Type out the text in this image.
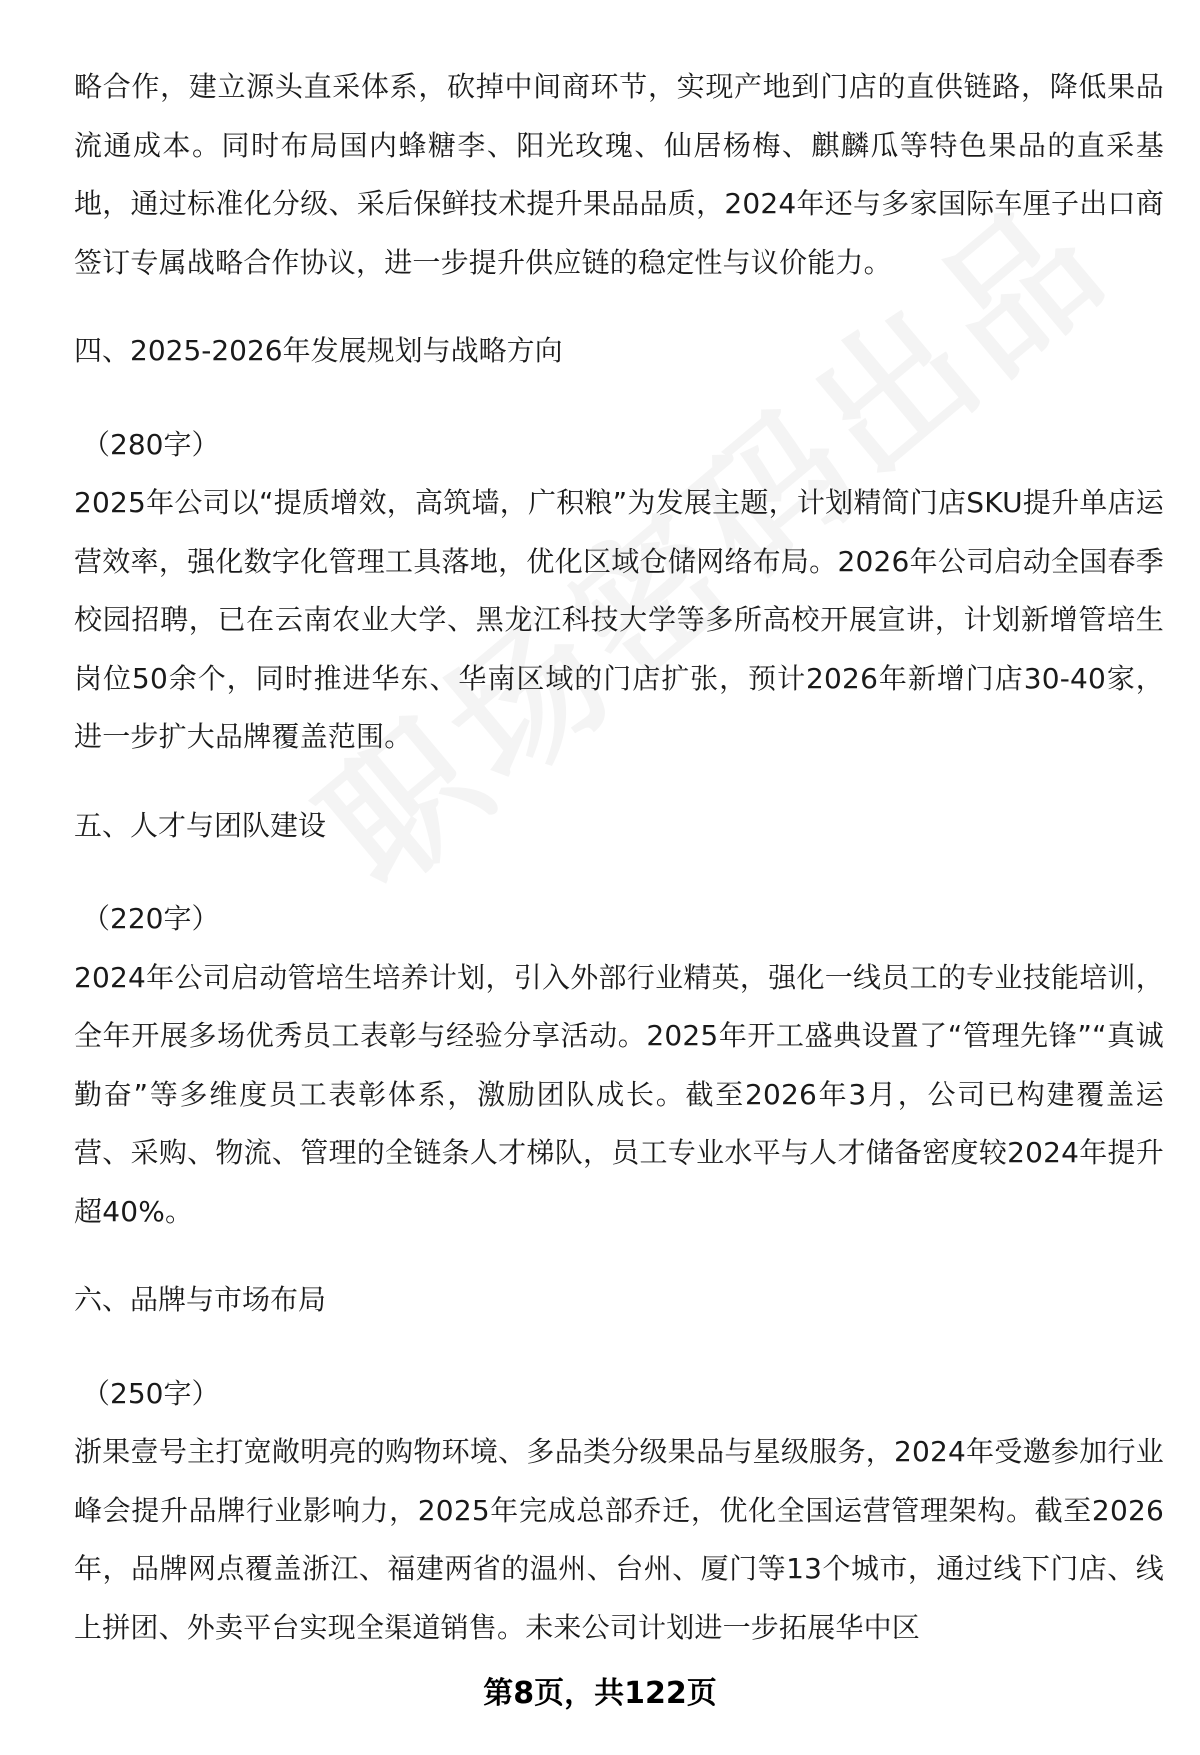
略合作，建立源头直采体系，砍掉中间商环节，实现产地到门店的直供链路，降低果品流通成本。同时布局国内蜂糖李、阳光玫瑰、仙居杨梅、麒麟瓜等特色果品的直采基地，通过标准化分级、采后保鲜技术提升果品品质，2024年还与多家国际车厘子出口商签订专属战略合作协议，进一步提升供应链的稳定性与议价能力。

四、2025-2026年发展规划与战略方向

（280字）

2025年公司以“提质增效，高筑墙，广积粮”为发展主题，计划精简门店SKU提升单店运营效率，强化数字化管理工具落地，优化区域仓储网络布局。2026年公司启动全国春季校园招聘，已在云南农业大学、黑龙江科技大学等多所高校开展宣讲，计划新增管培生岗位50余个，同时推进华东、华南区域的门店扩张，预计2026年新增门店30-40家，进一步扩大品牌覆盖范围。

五、人才与团队建设

（220字）

2024年公司启动管培生培养计划，引入外部行业精英，强化一线员工的专业技能培训，全年开展多场优秀员工表彰与经验分享活动。2025年开工盛典设置了“管理先锋”“真诚勤奋”等多维度员工表彰体系，激励团队成长。截至2026年3月，公司已构建覆盖运营、采购、物流、管理的全链条人才梯队，员工专业水平与人才储备密度较2024年提升超40%。

六、品牌与市场布局

（250字）

浙果壹号主打宽敞明亮的购物环境、多品类分级果品与星级服务，2024年受邀参加行业峰会提升品牌行业影响力，2025年完成总部乔迁，优化全国运营管理架构。截至2026年，品牌网点覆盖浙江、福建两省的温州、台州、厦门等13个城市，通过线下门店、线上拼团、外卖平台实现全渠道销售。未来公司计划进一步拓展华中区

第8页，共122页
